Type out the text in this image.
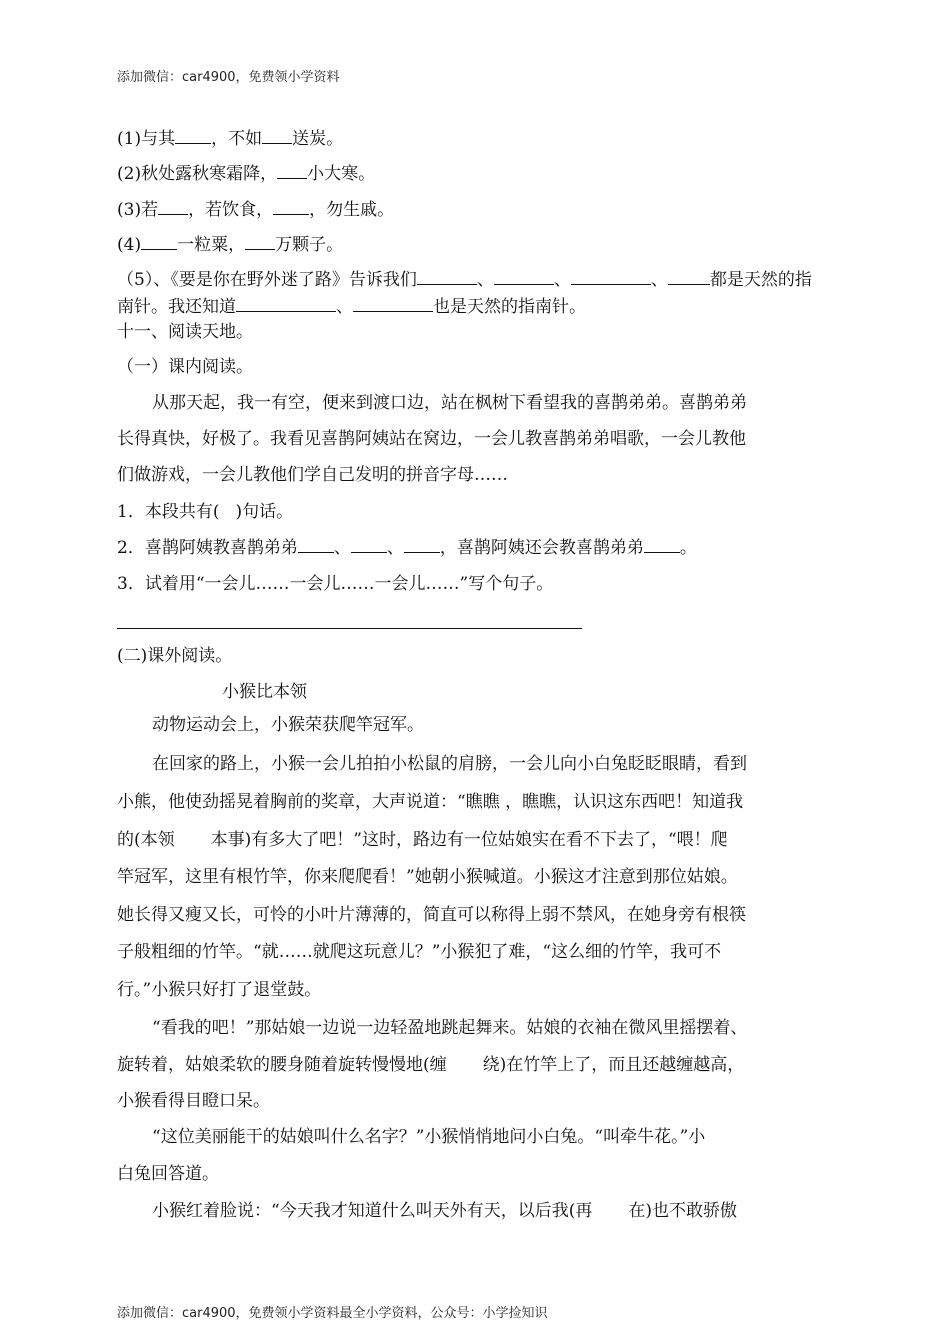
添加微信：car4900，免费领小学资料
(1)与其 ，不如 送炭。
(2)秋处露秋寒霜降， 小大寒。
(3)若 ，若饮食， ，勿生戚。
(4) 一粒粟， 万颗子。
（5）、《要是你在野外迷了路》告诉我们	、	、	、 都是天然的指
南针。我还知道	、	也是天然的指南针。
十一、阅读天地。
（一）课内阅读。
从那天起，我一有空，便来到渡口边，站在枫树下看望我的喜鹊弟弟。喜鹊弟弟
长得真快，好极了。我看见喜鹊阿姨站在窝边，一会儿教喜鹊弟弟唱歌，一会儿教他
们做游戏，一会儿教他们学自己发明的拼音字母……
1．本段共有( )句话。
2．喜鹊阿姨教喜鹊弟弟 、 、 ，喜鹊阿姨还会教喜鹊弟弟 。
3．试着用“一会儿……一会儿……一会儿……”写个句子。
(二)课外阅读。
小猴比本领
动物运动会上，小猴荣获爬竿冠军。
在回家的路上，小猴一会儿拍拍小松鼠的肩膀，一会儿向小白兔眨眨眼睛，看到
小熊，他使劲摇晃着胸前的奖章，大声说道：“瞧瞧 ，瞧瞧，认识这东西吧！知道我
的(本领 本事)有多大了吧！”这时，路边有一位姑娘实在看不下去了，“喂！爬
竿冠军，这里有根竹竿，你来爬爬看！”她朝小猴喊道。小猴这才注意到那位姑娘。
她长得又瘦又长，可怜的小叶片薄薄的，简直可以称得上弱不禁风，在她身旁有根筷
子般粗细的竹竿。“就……就爬这玩意儿？”小猴犯了难，“这么细的竹竿，我可不
行。”小猴只好打了退堂鼓。
“看我的吧！”那姑娘一边说一边轻盈地跳起舞来。姑娘的衣袖在微风里摇摆着、
旋转着，姑娘柔软的腰身随着旋转慢慢地(缠 绕)在竹竿上了，而且还越缠越高，
小猴看得目瞪口呆。
“这位美丽能干的姑娘叫什么名字？”小猴悄悄地问小白兔。“叫牵牛花。”小
白兔回答道。
小猴红着脸说：“今天我才知道什么叫天外有天，以后我(再 在)也不敢骄傲
添加微信：car4900，免费领小学资料最全小学资料，公众号：小学捡知识
